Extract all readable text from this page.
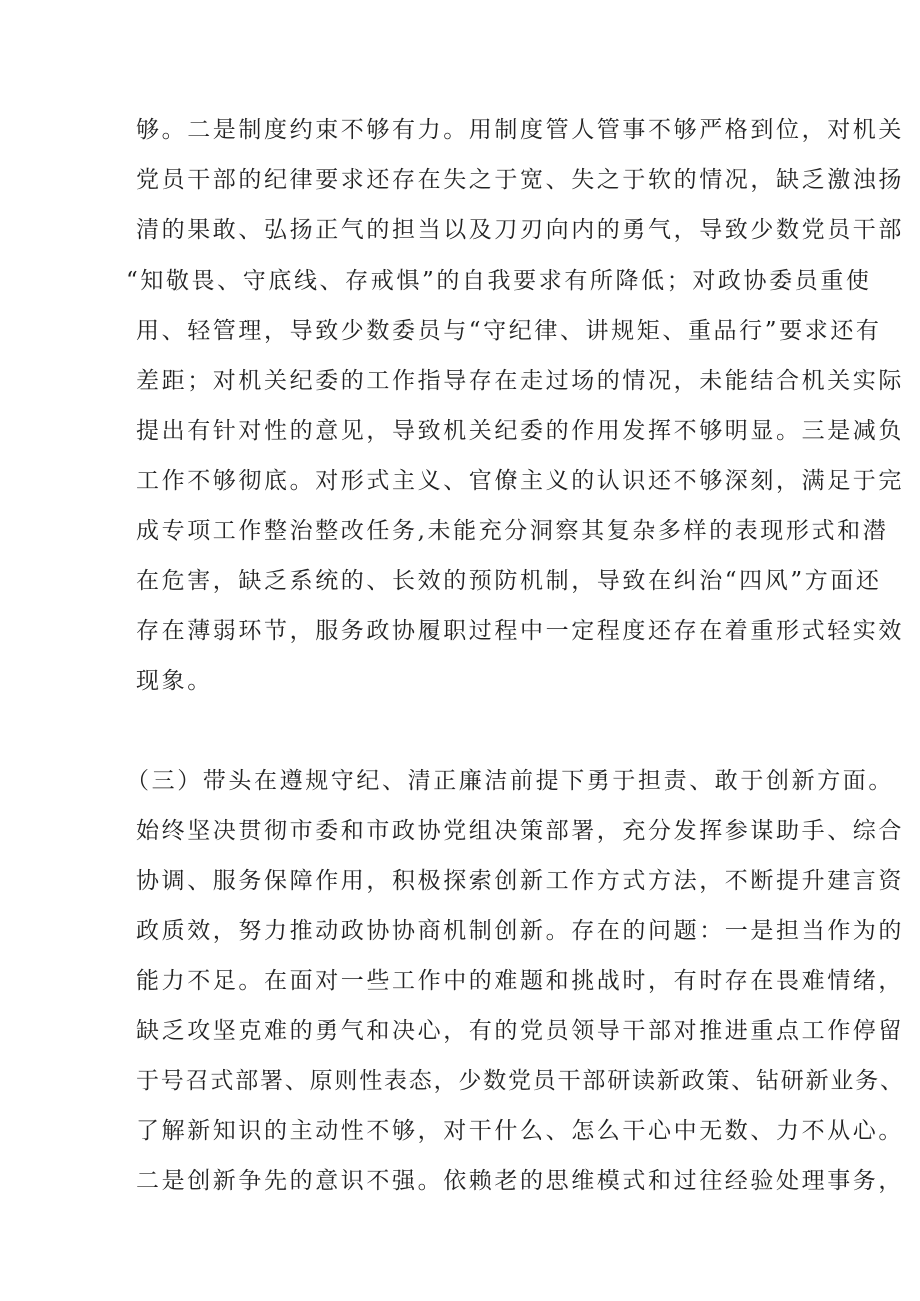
够。二是制度约束不够有力。用制度管人管事不够严格到位，对机关
党员干部的纪律要求还存在失之于宽、失之于软的情况，缺乏激浊扬
清的果敢、弘扬正气的担当以及刀刃向内的勇气，导致少数党员干部
“知敬畏、守底线、存戒惧”的自我要求有所降低；对政协委员重使
用、轻管理，导致少数委员与“守纪律、讲规矩、重品行”要求还有
差距；对机关纪委的工作指导存在走过场的情况，未能结合机关实际
提出有针对性的意见，导致机关纪委的作用发挥不够明显。三是减负
工作不够彻底。对形式主义、官僚主义的认识还不够深刻，满足于完
成专项工作整治整改任务,未能充分洞察其复杂多样的表现形式和潜
在危害，缺乏系统的、长效的预防机制，导致在纠治“四风”方面还
存在薄弱环节，服务政协履职过程中一定程度还存在着重形式轻实效
现象。
（三）带头在遵规守纪、清正廉洁前提下勇于担责、敢于创新方面。
始终坚决贯彻市委和市政协党组决策部署，充分发挥参谋助手、综合
协调、服务保障作用，积极探索创新工作方式方法，不断提升建言资
政质效，努力推动政协协商机制创新。存在的问题：一是担当作为的
能力不足。在面对一些工作中的难题和挑战时，有时存在畏难情绪，
缺乏攻坚克难的勇气和决心，有的党员领导干部对推进重点工作停留
于号召式部署、原则性表态，少数党员干部研读新政策、钻研新业务、
了解新知识的主动性不够，对干什么、怎么干心中无数、力不从心。
二是创新争先的意识不强。依赖老的思维模式和过往经验处理事务，
